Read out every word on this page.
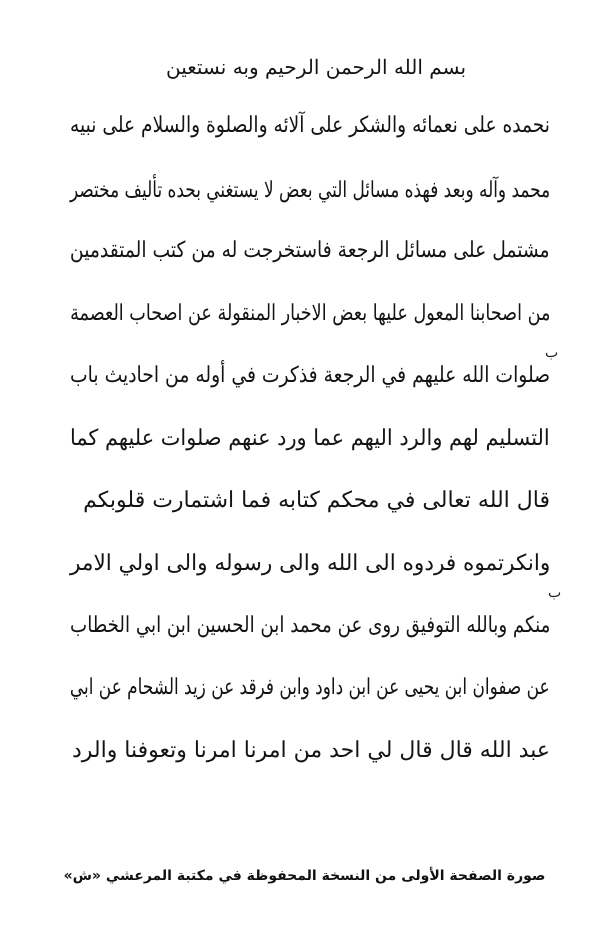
بسم الله الرحمن الرحيم وبه نستعين
نحمده على نعمائه والشكر على آلائه والصلوة والسلام على نبيه
محمد وآله وبعد فهذه مسائل التي بعض لا يستغني بحده تأليف مختصر
مشتمل على مسائل الرجعة فاستخرجت له من كتب المتقدمين
من اصحابنا المعول عليها بعض الاخبار المنقولة عن اصحاب العصمة
صلوات الله عليهم في الرجعة فذكرت في أوله من احاديث باب
التسليم لهم والرد اليهم عما ورد عنهم صلوات عليهم كما
قال الله تعالى في محكم كتابه فما اشتمارت قلوبكم
وانكرتموه فردوه الى الله والى رسوله والى اولي الامر
منكم وبالله التوفيق روى عن محمد ابن الحسين ابن ابي الخطاب
عن صفوان ابن يحيى عن ابن داود وابن فرقد عن زيد الشحام عن ابي
عبد الله قال قال لي احد من امرنا امرنا وتعوفنا والرد
ب
ب
صورة الصفحة الأولى من النسخة المحفوظة في مكتبة المرعشي «ش»
